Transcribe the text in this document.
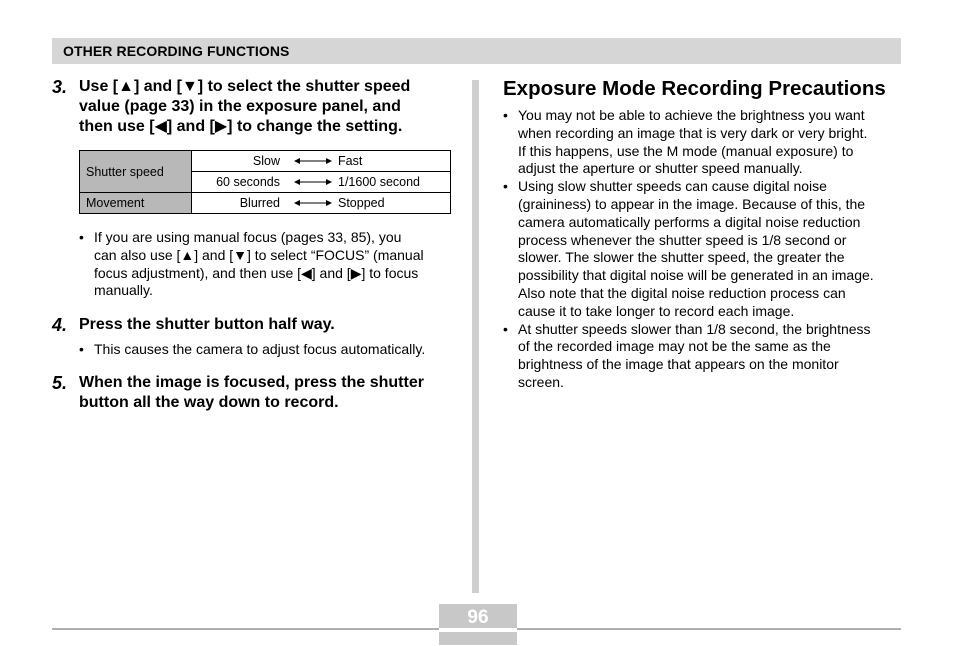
OTHER RECORDING FUNCTIONS
3. Use [▲] and [▼] to select the shutter speed
value (page 33) in the exposure panel, and
then use [◀] and [▶] to change the setting.
Shutter speed	Slow Fast

	60 seconds 1/1600 second

Movement	Blurred Stopped
• If you are using manual focus (pages 33, 85), you
can also use [▲] and [▼] to select “FOCUS” (manual
focus adjustment), and then use [◀] and [▶] to focus
manually.
4. Press the shutter button half way.
• This causes the camera to adjust focus automatically.
5. When the image is focused, press the shutter
button all the way down to record.
Exposure Mode Recording Precautions
• You may not be able to achieve the brightness you want
when recording an image that is very dark or very bright.
If this happens, use the M mode (manual exposure) to
adjust the aperture or shutter speed manually.
• Using slow shutter speeds can cause digital noise
(graininess) to appear in the image. Because of this, the
camera automatically performs a digital noise reduction
process whenever the shutter speed is 1/8 second or
slower. The slower the shutter speed, the greater the
possibility that digital noise will be generated in an image.
Also note that the digital noise reduction process can
cause it to take longer to record each image.
• At shutter speeds slower than 1/8 second, the brightness
of the recorded image may not be the same as the
brightness of the image that appears on the monitor
screen.
96
